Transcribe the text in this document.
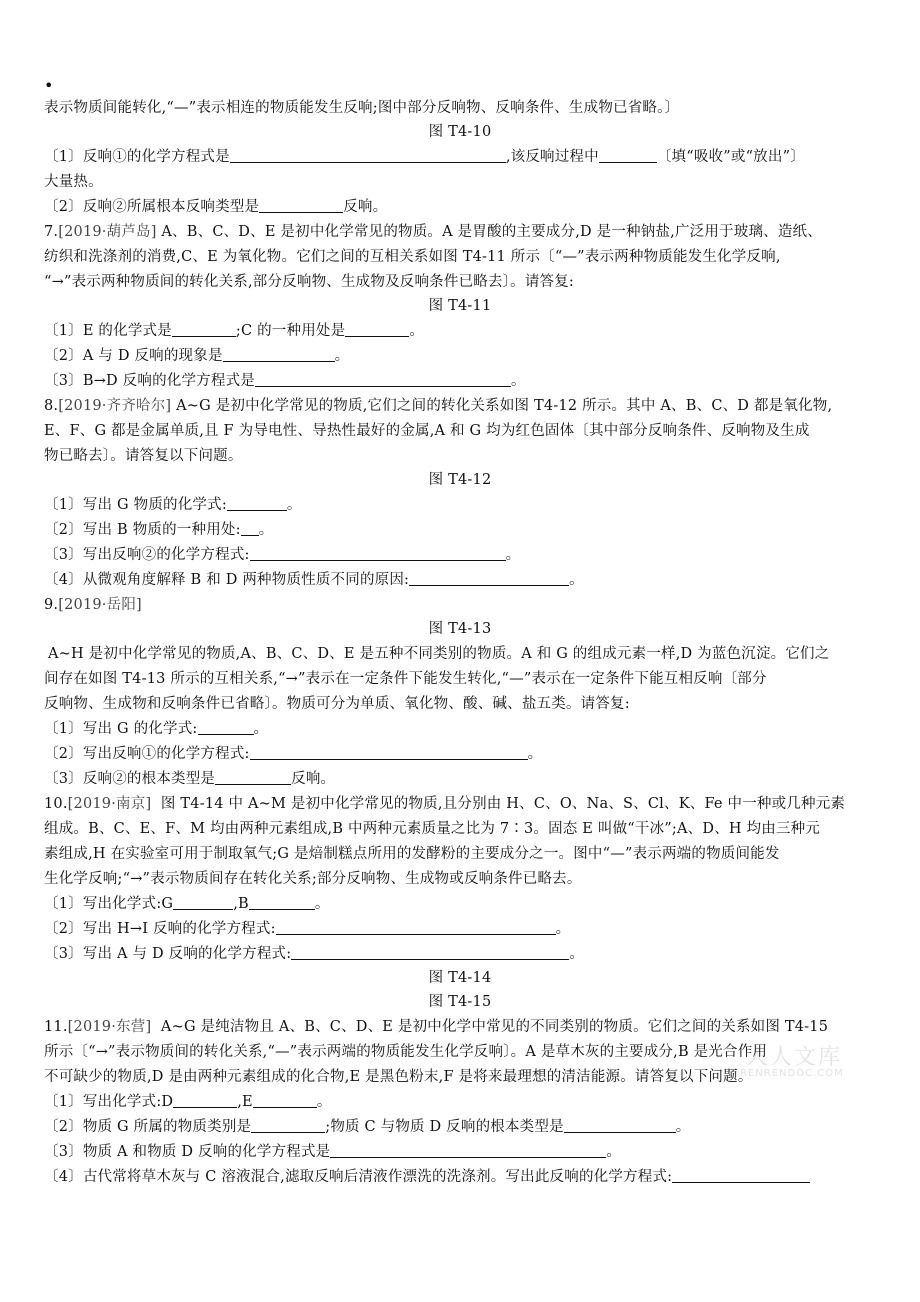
•
表示物质间能转化,“—”表示相连的物质能发生反响;图中部分反响物、反响条件、生成物已省略。〕
图 T4-10
〔1〕反响①的化学方程式是	,该反响过程中	〔填“吸收”或“放出”〕
大量热。
〔2〕反响②所属根本反响类型是	反响。
7.[2019·葫芦岛] A、B、C、D、E 是初中化学常见的物质。A 是胃酸的主要成分,D 是一种钠盐,广泛用于玻璃、造纸、
纺织和洗涤剂的消费,C、E 为氧化物。它们之间的互相关系如图 T4-11 所示〔“—”表示两种物质能发生化学反响,
“→”表示两种物质间的转化关系,部分反响物、生成物及反响条件已略去〕。请答复:
图 T4-11
〔1〕E 的化学式是	;C 的一种用处是	。
〔2〕A 与 D 反响的现象是	。
〔3〕B→D 反响的化学方程式是	。
8.[2019·齐齐哈尔] A~G 是初中化学常见的物质,它们之间的转化关系如图 T4-12 所示。其中 A、B、C、D 都是氧化物,
E、F、G 都是金属单质,且 F 为导电性、导热性最好的金属,A 和 G 均为红色固体〔其中部分反响条件、反响物及生成
物已略去〕。请答复以下问题。
图 T4-12
〔1〕写出 G 物质的化学式:	。
〔2〕写出 B 物质的一种用处: 。
〔3〕写出反响②的化学方程式:	。
〔4〕从微观角度解释 B 和 D 两种物质性质不同的原因:	。
9.[2019·岳阳]
图 T4-13
A~H 是初中化学常见的物质,A、B、C、D、E 是五种不同类别的物质。A 和 G 的组成元素一样,D 为蓝色沉淀。它们之
间存在如图 T4-13 所示的互相关系,“→”表示在一定条件下能发生转化,“—”表示在一定条件下能互相反响〔部分
反响物、生成物和反响条件已省略〕。物质可分为单质、氧化物、酸、碱、盐五类。请答复:
〔1〕写出 G 的化学式:	。
〔2〕写出反响①的化学方程式:	。
〔3〕反响②的根本类型是	反响。
10.[2019·南京] 图 T4-14 中 A~M 是初中化学常见的物质,且分别由 H、C、O、Na、S、Cl、K、Fe 中一种或几种元素
组成。B、C、E、F、M 均由两种元素组成,B 中两种元素质量之比为 7∶3。固态 E 叫做“干冰”;A、D、H 均由三种元
素组成,H 在实验室可用于制取氧气;G 是焙制糕点所用的发酵粉的主要成分之一。图中“—”表示两端的物质间能发
生化学反响;“→”表示物质间存在转化关系;部分反响物、生成物或反响条件已略去。
〔1〕写出化学式:G	,B	。
〔2〕写出 H→I 反响的化学方程式:	。
〔3〕写出 A 与 D 反响的化学方程式:	。
图 T4-14
图 T4-15
11.[2019·东营] A~G 是纯洁物且 A、B、C、D、E 是初中化学中常见的不同类别的物质。它们之间的关系如图 T4-15
所示〔“→”表示物质间的转化关系,“—”表示两端的物质能发生化学反响〕。A 是草木灰的主要成分,B 是光合作用
不可缺少的物质,D 是由两种元素组成的化合物,E 是黑色粉末,F 是将来最理想的清洁能源。请答复以下问题。
〔1〕写出化学式:D	,E	。
〔2〕物质 G 所属的物质类别是	;物质 C 与物质 D 反响的根本类型是	。
〔3〕物质 A 和物质 D 反响的化学方程式是	。
〔4〕古代常将草木灰与 C 溶液混合,滤取反响后清液作漂洗的洗涤剂。写出此反响的化学方程式:
人人文库
RENRENDOC.COM
